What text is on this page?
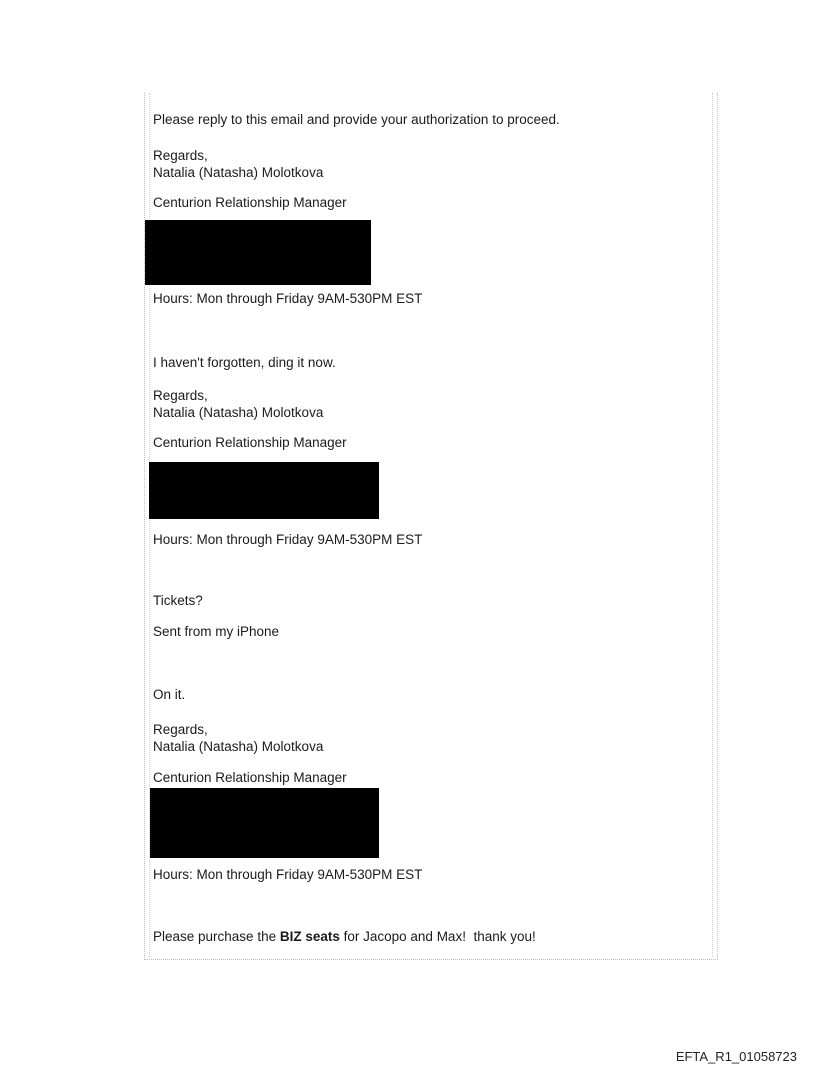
Please reply to this email and provide your authorization to proceed.
Regards,
Natalia (Natasha) Molotkova
Centurion Relationship Manager
Hours: Mon through Friday 9AM-530PM EST
I haven't forgotten, ding it now.
Regards,
Natalia (Natasha) Molotkova
Centurion Relationship Manager
Hours: Mon through Friday 9AM-530PM EST
Tickets?
Sent from my iPhone
On it.
Regards,
Natalia (Natasha) Molotkova
Centurion Relationship Manager
Hours: Mon through Friday 9AM-530PM EST
Please purchase the BIZ seats for Jacopo and Max!  thank you!
EFTA_R1_01058723
